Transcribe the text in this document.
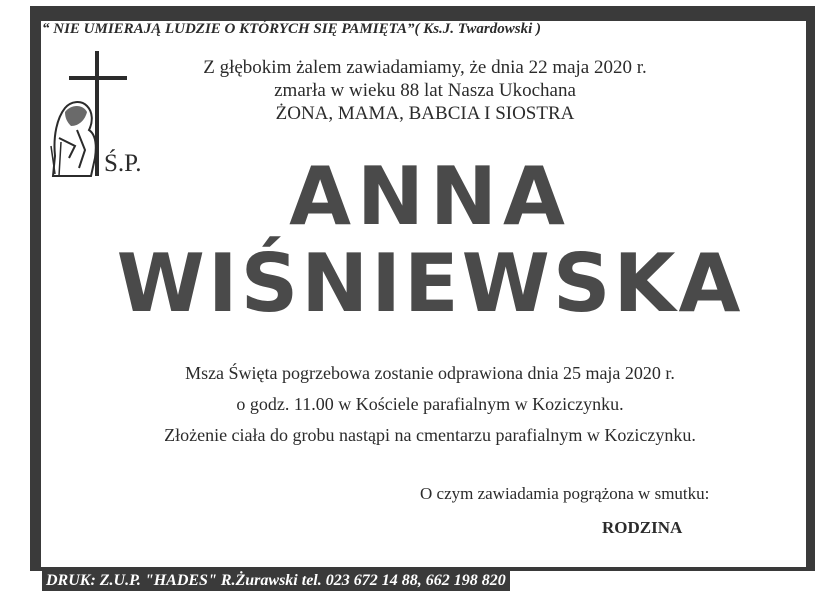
“ NIE UMIERAJĄ LUDZIE O KTÓRYCH SIĘ PAMIĘTA”( Ks.J. Twardowski )

Z głębokim żalem zawiadamiamy, że dnia 22 maja 2020 r.
zmarła w wieku 88 lat Nasza Ukochana
ŻONA, MAMA, BABCIA I SIOSTRA
Ś.P.	ANNA
WIŚNIEWSKA
Msza Święta pogrzebowa zostanie odprawiona dnia 25 maja 2020 r.
o godz. 11.00 w Kościele parafialnym w Koziczynku.
Złożenie ciała do grobu nastąpi na cmentarzu parafialnym w Koziczynku.
O czym zawiadamia pogrążona w smutku:
RODZINA
DRUK: Z.U.P. "HADES" R.Żurawski tel. 023 672 14 88, 662 198 820
